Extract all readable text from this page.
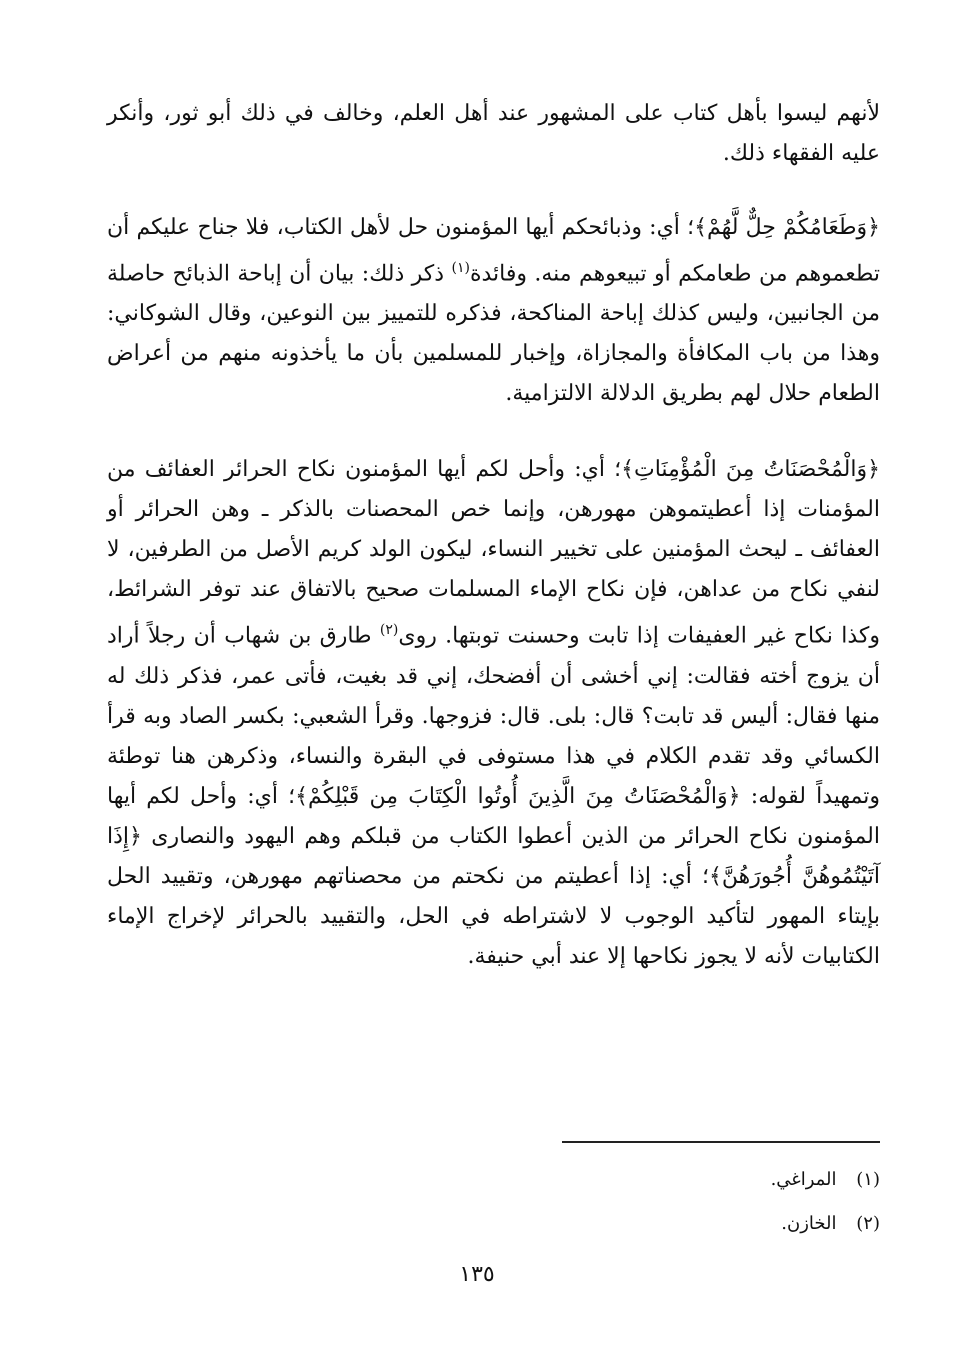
لأنهم ليسوا بأهل كتاب على المشهور عند أهل العلم، وخالف في ذلك أبو ثور، وأنكر عليه الفقهاء ذلك.

﴿وَطَعَامُكُمْ حِلٌّ لَّهُمْ﴾؛ أي: وذبائحكم أيها المؤمنون حل لأهل الكتاب، فلا جناح عليكم أن تطعموهم من طعامكم أو تبيعوهم منه. وفائدة$^{(١)}$ ذكر ذلك: بيان أن إباحة الذبائح حاصلة من الجانبين، وليس كذلك إباحة المناكحة، فذكره للتمييز بين النوعين، وقال الشوكاني: وهذا من باب المكافأة والمجازاة، وإخبار للمسلمين بأن ما يأخذونه منهم من أعراض الطعام حلال لهم بطريق الدلالة الالتزامية.

﴿وَالْمُحْصَنَاتُ مِنَ الْمُؤْمِنَاتِ﴾؛ أي: وأحل لكم أيها المؤمنون نكاح الحرائر العفائف من المؤمنات إذا أعطيتموهن مهورهن، وإنما خص المحصنات بالذكر ـ وهن الحرائر أو العفائف ـ ليحث المؤمنين على تخيير النساء، ليكون الولد كريم الأصل من الطرفين، لا لنفي نكاح من عداهن، فإن نكاح الإماء المسلمات صحيح بالاتفاق عند توفر الشرائط، وكذا نكاح غير العفيفات إذا تابت وحسنت توبتها. روى$^{(٢)}$ طارق بن شهاب أن رجلاً أراد أن يزوج أخته فقالت: إني أخشى أن أفضحك، إني قد بغيت، فأتى عمر، فذكر ذلك له منها فقال: أليس قد تابت؟ قال: بلى. قال: فزوجها. وقرأ الشعبي: بكسر الصاد وبه قرأ الكسائي وقد تقدم الكلام في هذا مستوفى في البقرة والنساء، وذكرهن هنا توطئة وتمهيداً لقوله: ﴿وَالْمُحْصَنَاتُ مِنَ الَّذِينَ أُوتُوا الْكِتَابَ مِن قَبْلِكُمْ﴾؛ أي: وأحل لكم أيها المؤمنون نكاح الحرائر من الذين أعطوا الكتاب من قبلكم وهم اليهود والنصارى ﴿إِذَا آتَيْتُمُوهُنَّ أُجُورَهُنَّ﴾؛ أي: إذا أعطيتم من نكحتم من محصناتهم مهورهن، وتقييد الحل بإيتاء المهور لتأكيد الوجوب لا لاشتراطه في الحل، والتقييد بالحرائر لإخراج الإماء الكتابيات لأنه لا يجوز نكاحها إلا عند أبي حنيفة.

(١) المراغي.
(٢) الخازن.
١٣٥
